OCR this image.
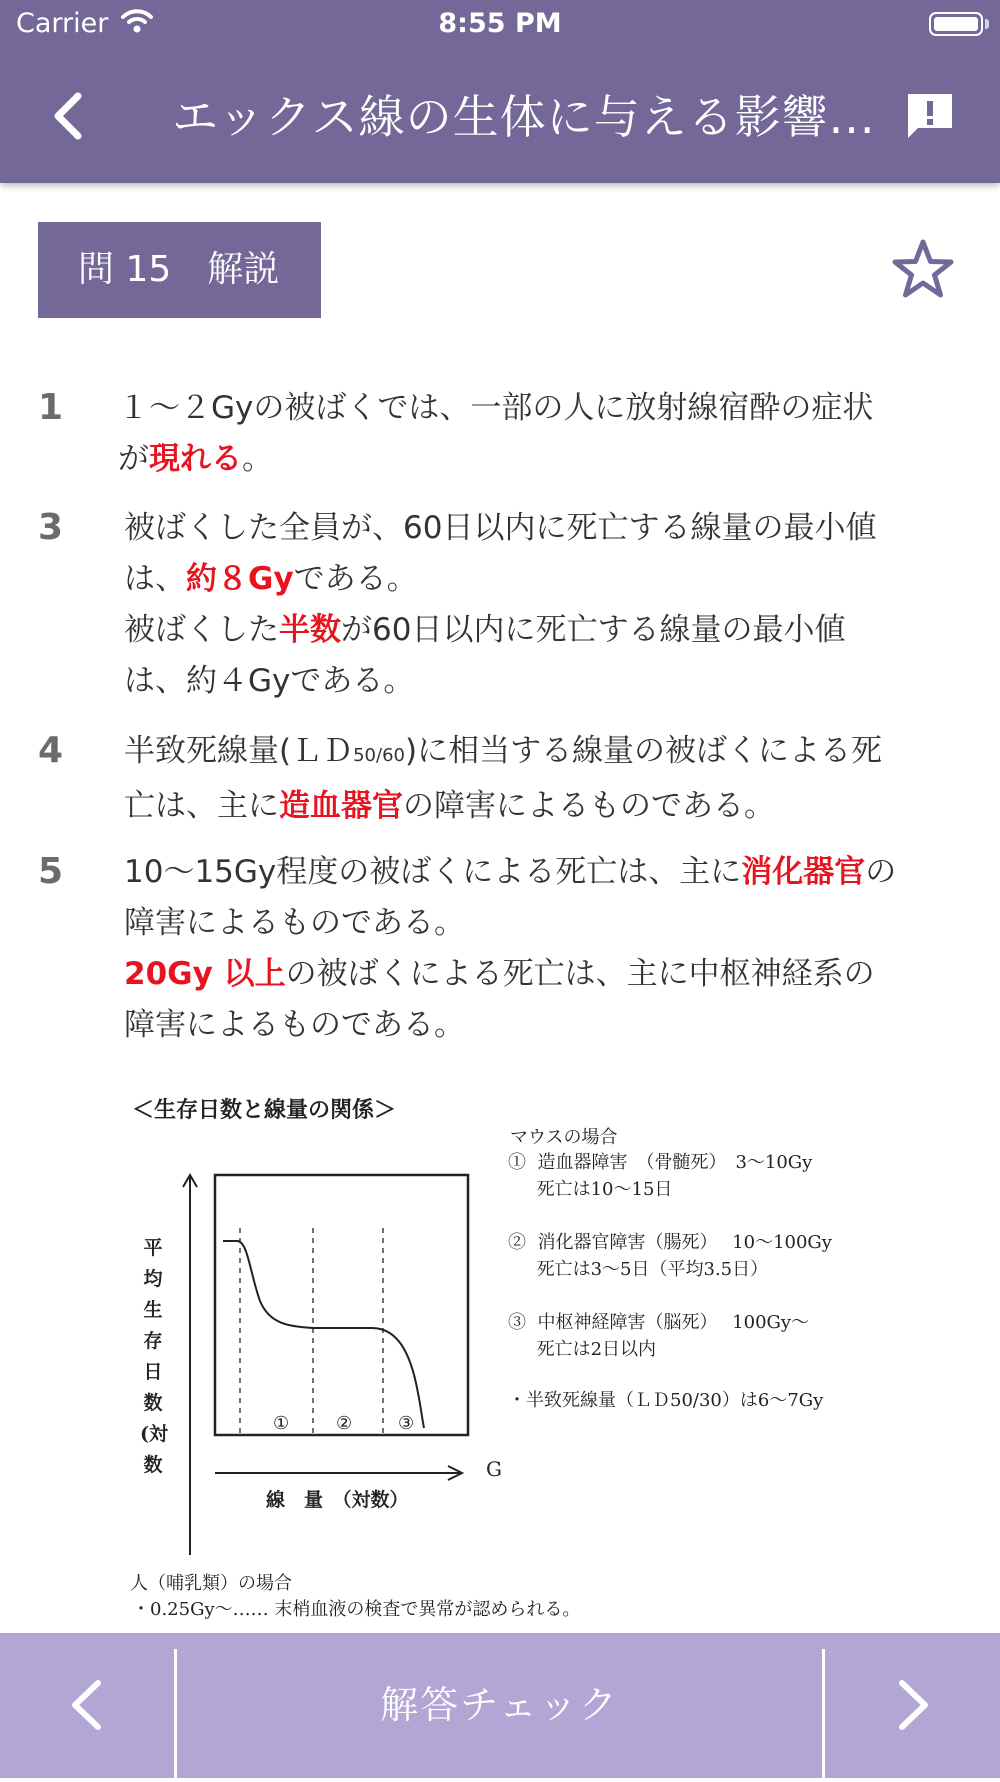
Carrier	8:55 PM
エックス線の生体に与える影響...
問 15　解説
1 １～２Gyの被ばくでは、一部の人に放射線宿酔の症状
が現れる。
3 被ばくした全員が、60日以内に死亡する線量の最小値
は、約８Gyである。
被ばくした半数が60日以内に死亡する線量の最小値
は、約４Gyである。
4 半致死線量(ＬＤ50/60)に相当する線量の被ばくによる死
亡は、主に造血器官の障害によるものである。
5 10～15Gy程度の被ばくによる死亡は、主に消化器官の
障害によるものである。
20Gy 以上の被ばくによる死亡は、主に中枢神経系の
障害によるものである。
＜生存日数と線量の関係＞
マウスの場合
①  造血器障害　（骨髄死）　3～10Gy
死亡は10～15日
②  消化器官障害（腸死）　 10～100Gy
死亡は3～5日（平均3.5日）
③  中枢神経障害（脳死）　 100Gy～
死亡は2日以内
・半致死線量（ＬＤ50/30）は6～7Gy
平
均
生
存
日
数
(対
数
①	②	③
G
線　量　（対数）
人（哺乳類）の場合
・0.25Gy～…… 末梢血液の検査で異常が認められる。
解答チェック
